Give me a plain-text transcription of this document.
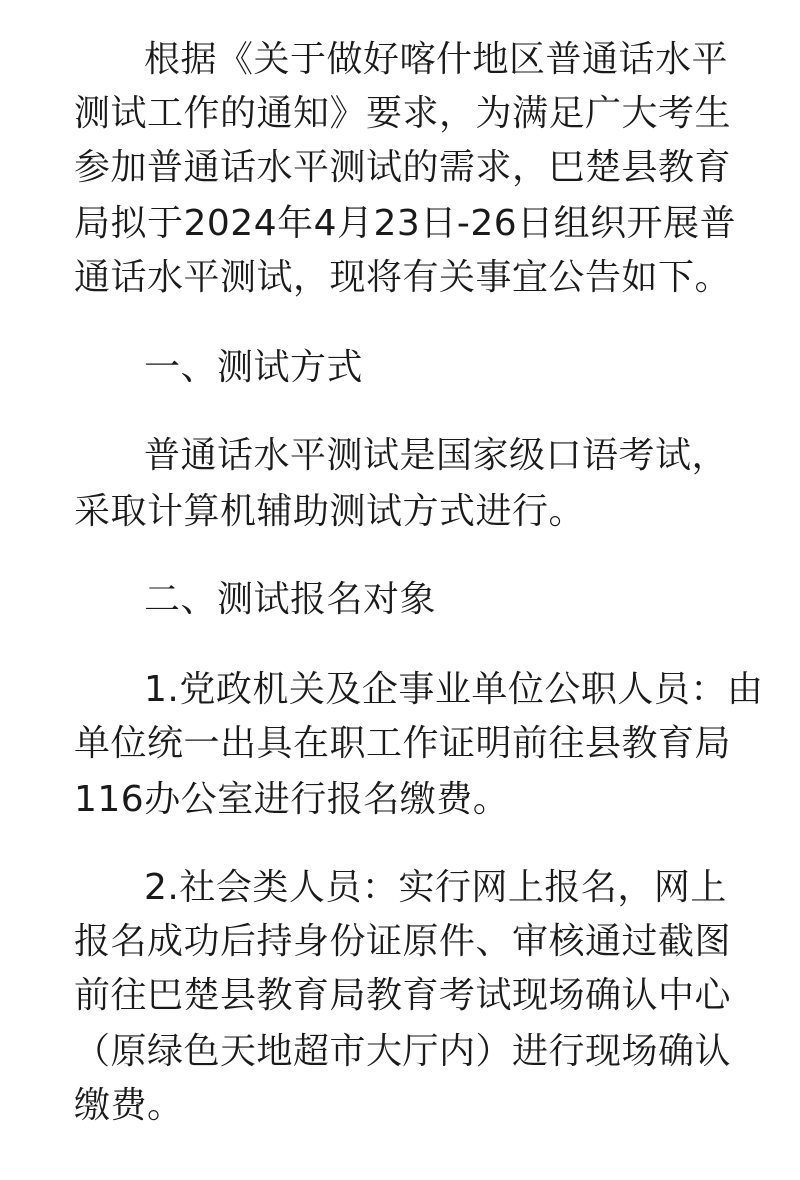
根据《关于做好喀什地区普通话水平
测试工作的通知》要求，为满足广大考生
参加普通话水平测试的需求，巴楚县教育
局拟于2024年4月23日-26日组织开展普
通话水平测试，现将有关事宜公告如下。
一、测试方式
普通话水平测试是国家级口语考试，
采取计算机辅助测试方式进行。
二、测试报名对象
1.党政机关及企事业单位公职人员：由
单位统一出具在职工作证明前往县教育局
116办公室进行报名缴费。
2.社会类人员：实行网上报名，网上
报名成功后持身份证原件、审核通过截图
前往巴楚县教育局教育考试现场确认中心
（原绿色天地超市大厅内）进行现场确认
缴费。
